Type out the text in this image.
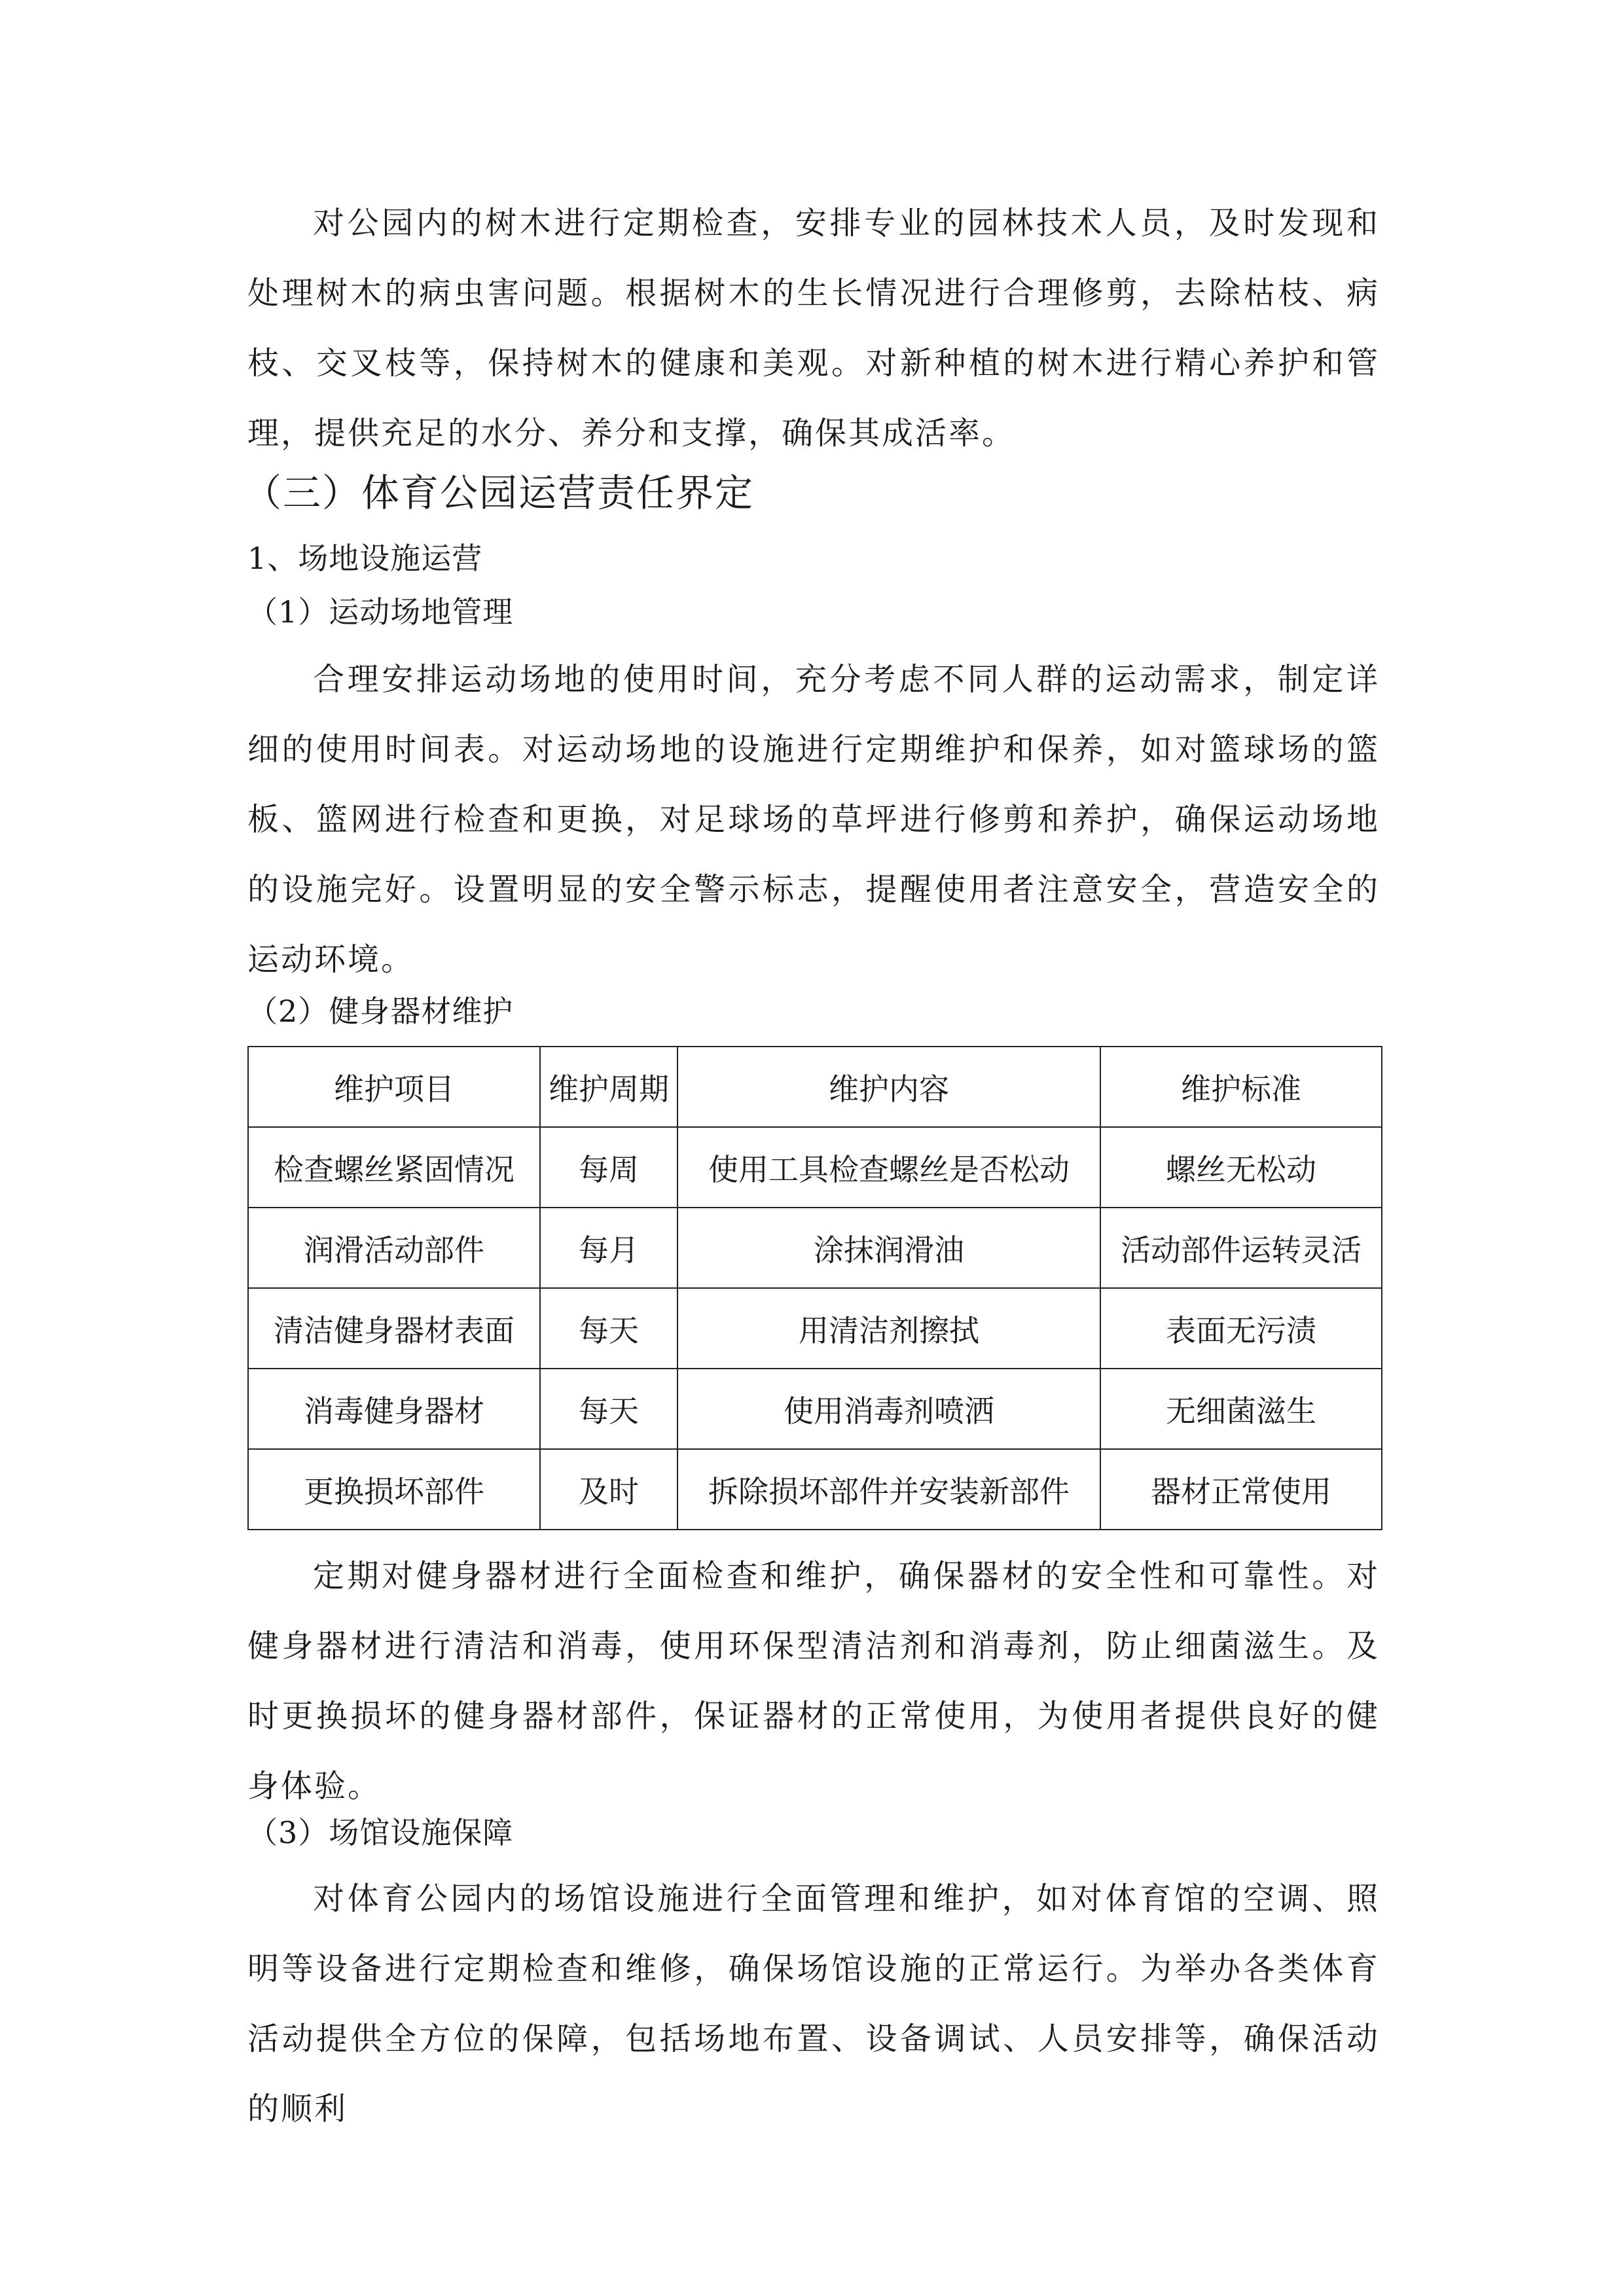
对公园内的树木进行定期检查，安排专业的园林技术人员，及时发现和处理树木的病虫害问题。根据树木的生长情况进行合理修剪，去除枯枝、病枝、交叉枝等，保持树木的健康和美观。对新种植的树木进行精心养护和管理，提供充足的水分、养分和支撑，确保其成活率。

（三）体育公园运营责任界定
1、场地设施运营
（1）运动场地管理

合理安排运动场地的使用时间，充分考虑不同人群的运动需求，制定详细的使用时间表。对运动场地的设施进行定期维护和保养，如对篮球场的篮板、篮网进行检查和更换，对足球场的草坪进行修剪和养护，确保运动场地的设施完好。设置明显的安全警示标志，提醒使用者注意安全，营造安全的运动环境。

（2）健身器材维护
维护项目	维护周期	维护内容	维护标准
检查螺丝紧固情况	每周	使用工具检查螺丝是否松动	螺丝无松动
润滑活动部件	每月	涂抹润滑油	活动部件运转灵活
清洁健身器材表面	每天	用清洁剂擦拭	表面无污渍
消毒健身器材	每天	使用消毒剂喷洒	无细菌滋生
更换损坏部件	及时	拆除损坏部件并安装新部件	器材正常使用

定期对健身器材进行全面检查和维护，确保器材的安全性和可靠性。对健身器材进行清洁和消毒，使用环保型清洁剂和消毒剂，防止细菌滋生。及时更换损坏的健身器材部件，保证器材的正常使用，为使用者提供良好的健身体验。

（3）场馆设施保障

对体育公园内的场馆设施进行全面管理和维护，如对体育馆的空调、照明等设备进行定期检查和维修，确保场馆设施的正常运行。为举办各类体育活动提供全方位的保障，包括场地布置、设备调试、人员安排等，确保活动的顺利
